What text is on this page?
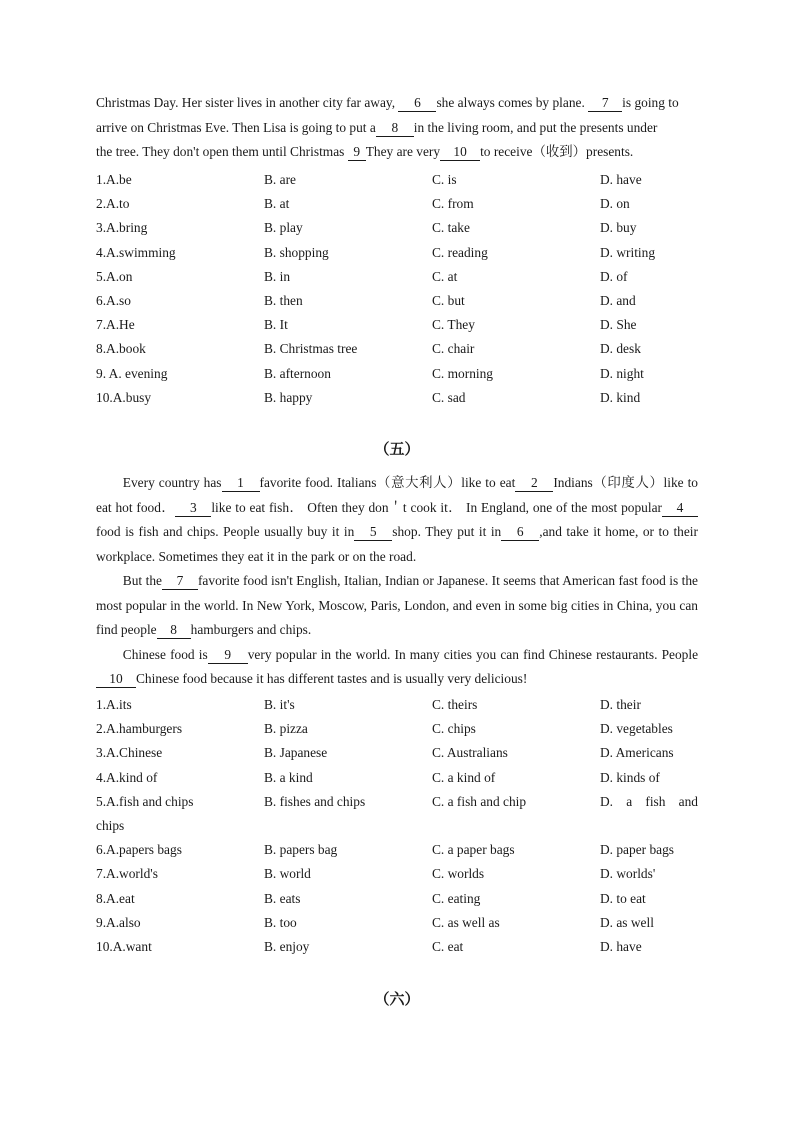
Christmas Day. Her sister lives in another city far away, 6 she always comes by plane. 7 is going to

arrive on Christmas Eve. Then Lisa is going to put a 8 in the living room, and put the presents under

the tree. They don't open them until Christmas 9 They are very 10 to receive（收到）presents.

1.A.be	B. are	C. is	D. have
2.A.to	B. at	C. from	D. on
3.A.bring	B. play	C. take	D. buy
4.A.swimming	B. shopping	C. reading	D. writing
5.A.on	B. in	C. at	D. of
6.A.so	B. then	C. but	D. and
7.A.He	B. It	C. They	D. She
8.A.book	B. Christmas tree	C. chair	D. desk
9. A. evening	B. afternoon	C. morning	D. night
10.A.busy	B. happy	C. sad	D. kind
（五）

Every country has 1 favorite food. Italians（意大利人）like to eat 2 Indians（印度人）like to eat hot food． 3 like to eat fish． Often they don＇t cook it． In England, one of the most popular 4food is fish and chips. People usually buy it in 5 shop. They put it in 6 ,and take it home, or to their workplace. Sometimes they eat it in the park or on the road.

But the 7 favorite food isn't English, Italian, Indian or Japanese. It seems that American fast food is the most popular in the world. In New York, Moscow, Paris, London, and even in some big cities in China, you can find people 8 hamburgers and chips.

Chinese food is 9 very popular in the world. In many cities you can find Chinese restaurants. People10 Chinese food because it has different tastes and is usually very delicious!

1.A.its	B. it's	C. theirs	D. their
2.A.hamburgers	B. pizza	C. chips	D. vegetables
3.A.Chinese	B. Japanese	C. Australians	D. Americans
4.A.kind of	B. a kind	C. a kind of	D. kinds of
5.A.fish and chips	B. fishes and chips	C. a fish and chip	D. a fish and
chips
6.A.papers bags	B. papers bag	C. a paper bags	D. paper bags
7.A.world's	B. world	C. worlds	D. worlds'
8.A.eat	B. eats	C. eating	D. to eat
9.A.also	B. too	C. as well as	D. as well
10.A.want	B. enjoy	C. eat	D. have
（六）
